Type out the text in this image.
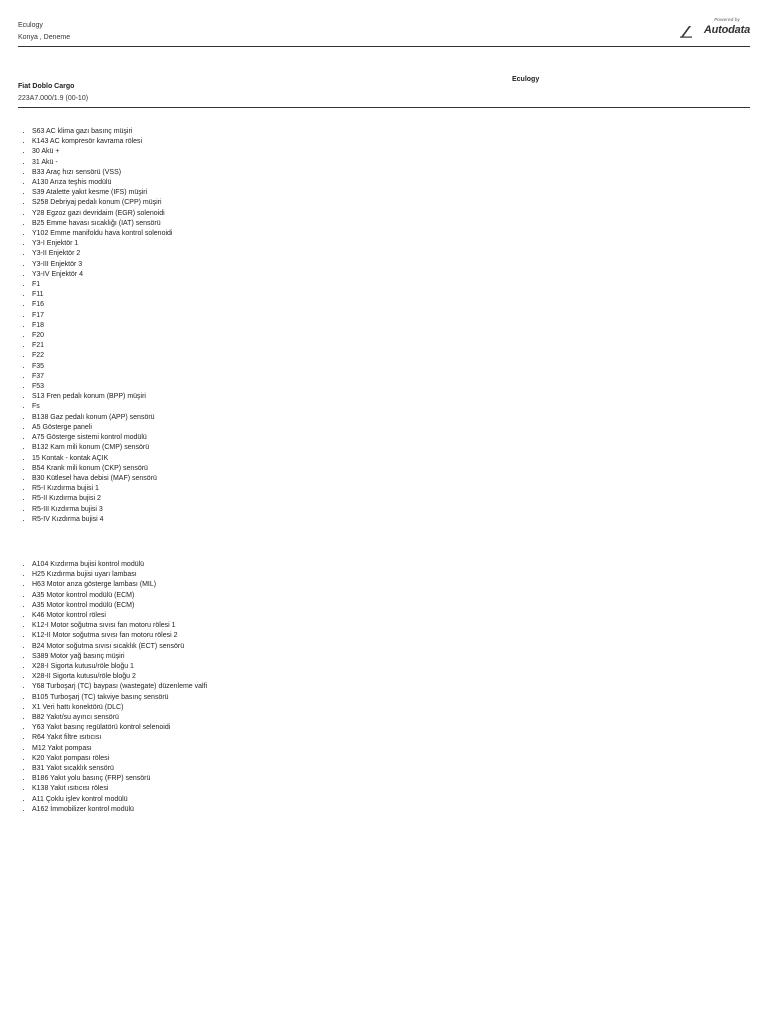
Eculogy
Konya , Deneme
Powered by
Autodata
Fiat Doblo Cargo
223A7.000/1.9 (00-10)
Eculogy
• S63 AC klima gazı basınç müşiri
• K143 AC kompresör kavrama rölesi
• 30 Akü +
• 31 Akü -
• B33 Araç hızı sensörü (VSS)
• A130 Arıza teşhis modülü
• S39 Atalette yakıt kesme (IFS) müşiri
• S258 Debriyaj pedalı konum (CPP) müşiri
• Y28 Egzoz gazı devridaim (EGR) solenoidi
• B25 Emme havası sıcaklığı (IAT) sensörü
• Y102 Emme manifoldu hava kontrol solenoidi
• Y3-I Enjektör 1
• Y3-II Enjektör 2
• Y3-III Enjektör 3
• Y3-IV Enjektör 4
• F1
• F11
• F16
• F17
• F18
• F20
• F21
• F22
• F35
• F37
• F53
• S13 Fren pedalı konum (BPP) müşiri
• Fs
• B138 Gaz pedalı konum (APP) sensörü
• A5 Gösterge paneli
• A75 Gösterge sistemi kontrol modülü
• B132 Kam mili konum (CMP) sensörü
• 15 Kontak - kontak AÇIK
• B54 Krank mili konum (CKP) sensörü
• B30 Kütlesel hava debisi (MAF) sensörü
• R5-I Kızdırma bujisi 1
• R5-II Kızdırma bujisi 2
• R5-III Kızdırma bujisi 3
• R5-IV Kızdırma bujisi 4
• A104 Kızdırma bujisi kontrol modülü
• H25 Kızdırma bujisi uyarı lambası
• H63 Motor arıza gösterge lambası (MIL)
• A35 Motor kontrol modülü (ECM)
• A35 Motor kontrol modülü (ECM)
• K46 Motor kontrol rölesi
• K12-I Motor soğutma sıvısı fan motoru rölesi 1
• K12-II Motor soğutma sıvısı fan motoru rölesi 2
• B24 Motor soğutma sıvısı sıcaklık (ECT) sensörü
• S389 Motor yağ basınç müşiri
• X28-I Sigorta kutusu/röle bloğu 1
• X28-II Sigorta kutusu/röle bloğu 2
• Y68 Turboşarj (TC) baypası (wastegate) düzenleme valfi
• B105 Turboşarj (TC) takviye basınç sensörü
• X1 Veri hattı konektörü (DLC)
• B82 Yakıt/su ayırıcı sensörü
• Y63 Yakıt basınç regülatörü kontrol selenoidi
• R64 Yakıt filtre ısıtıcısı
• M12 Yakıt pompası
• K20 Yakıt pompası rölesi
• B31 Yakıt sıcaklık sensörü
• B186 Yakıt yolu basınç (FRP) sensörü
• K138 Yakıt ısıtıcısı rölesi
• A11 Çoklu işlev kontrol modülü
• A162 İmmobilizer kontrol modülü
